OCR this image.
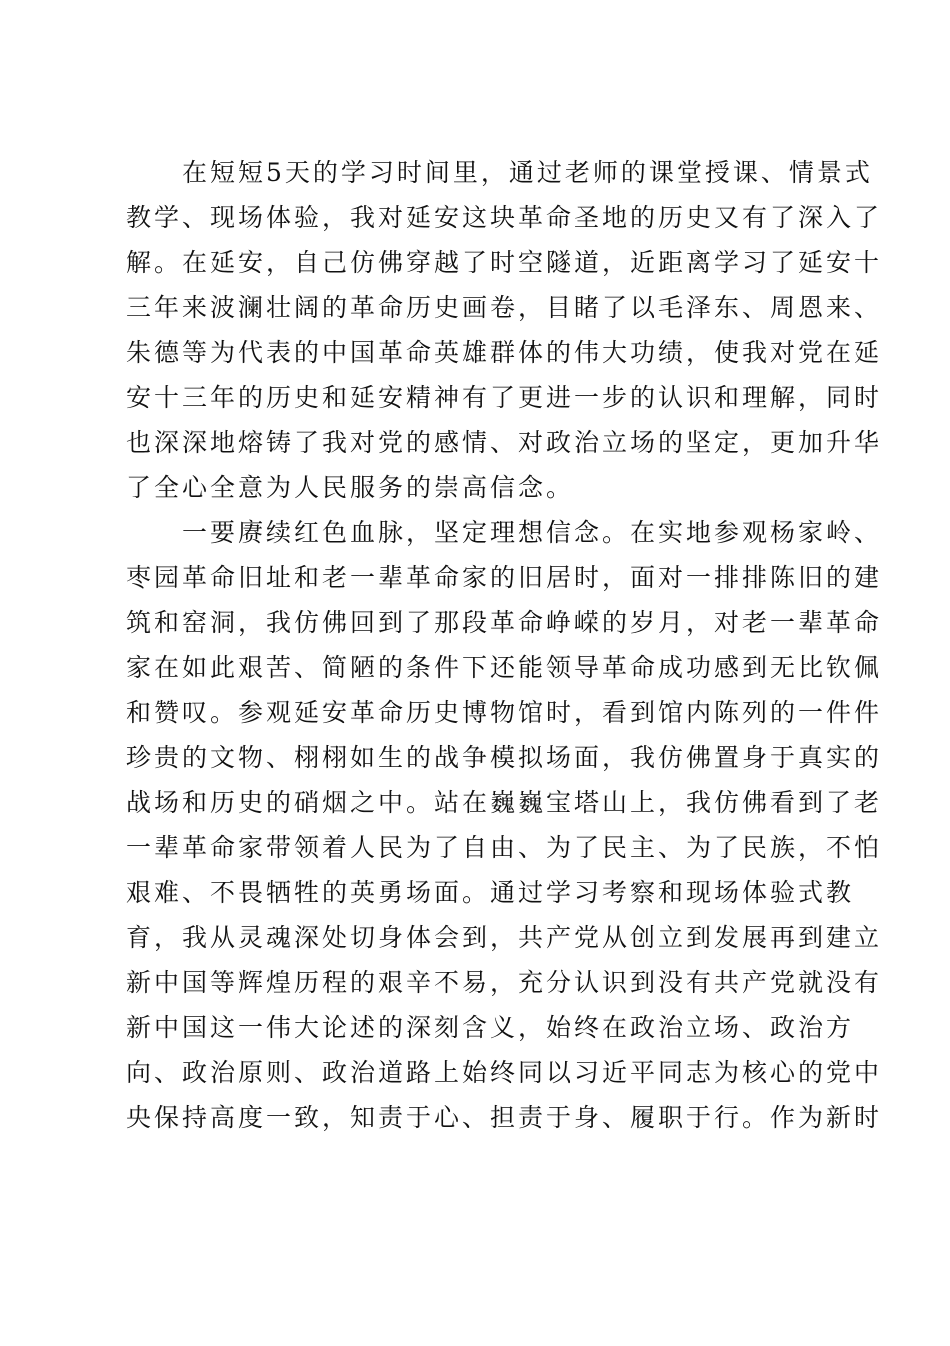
在短短5天的学习时间里，通过老师的课堂授课、情景式
教学、现场体验，我对延安这块革命圣地的历史又有了深入了
解。在延安，自己仿佛穿越了时空隧道，近距离学习了延安十
三年来波澜壮阔的革命历史画卷，目睹了以毛泽东、周恩来、
朱德等为代表的中国革命英雄群体的伟大功绩，使我对党在延
安十三年的历史和延安精神有了更进一步的认识和理解，同时
也深深地熔铸了我对党的感情、对政治立场的坚定，更加升华
了全心全意为人民服务的崇高信念。
一要赓续红色血脉，坚定理想信念。在实地参观杨家岭、
枣园革命旧址和老一辈革命家的旧居时，面对一排排陈旧的建
筑和窑洞，我仿佛回到了那段革命峥嵘的岁月，对老一辈革命
家在如此艰苦、简陋的条件下还能领导革命成功感到无比钦佩
和赞叹。参观延安革命历史博物馆时，看到馆内陈列的一件件
珍贵的文物、栩栩如生的战争模拟场面，我仿佛置身于真实的
战场和历史的硝烟之中。站在巍巍宝塔山上，我仿佛看到了老
一辈革命家带领着人民为了自由、为了民主、为了民族，不怕
艰难、不畏牺牲的英勇场面。通过学习考察和现场体验式教
育，我从灵魂深处切身体会到，共产党从创立到发展再到建立
新中国等辉煌历程的艰辛不易，充分认识到没有共产党就没有
新中国这一伟大论述的深刻含义，始终在政治立场、政治方
向、政治原则、政治道路上始终同以习近平同志为核心的党中
央保持高度一致，知责于心、担责于身、履职于行。作为新时
